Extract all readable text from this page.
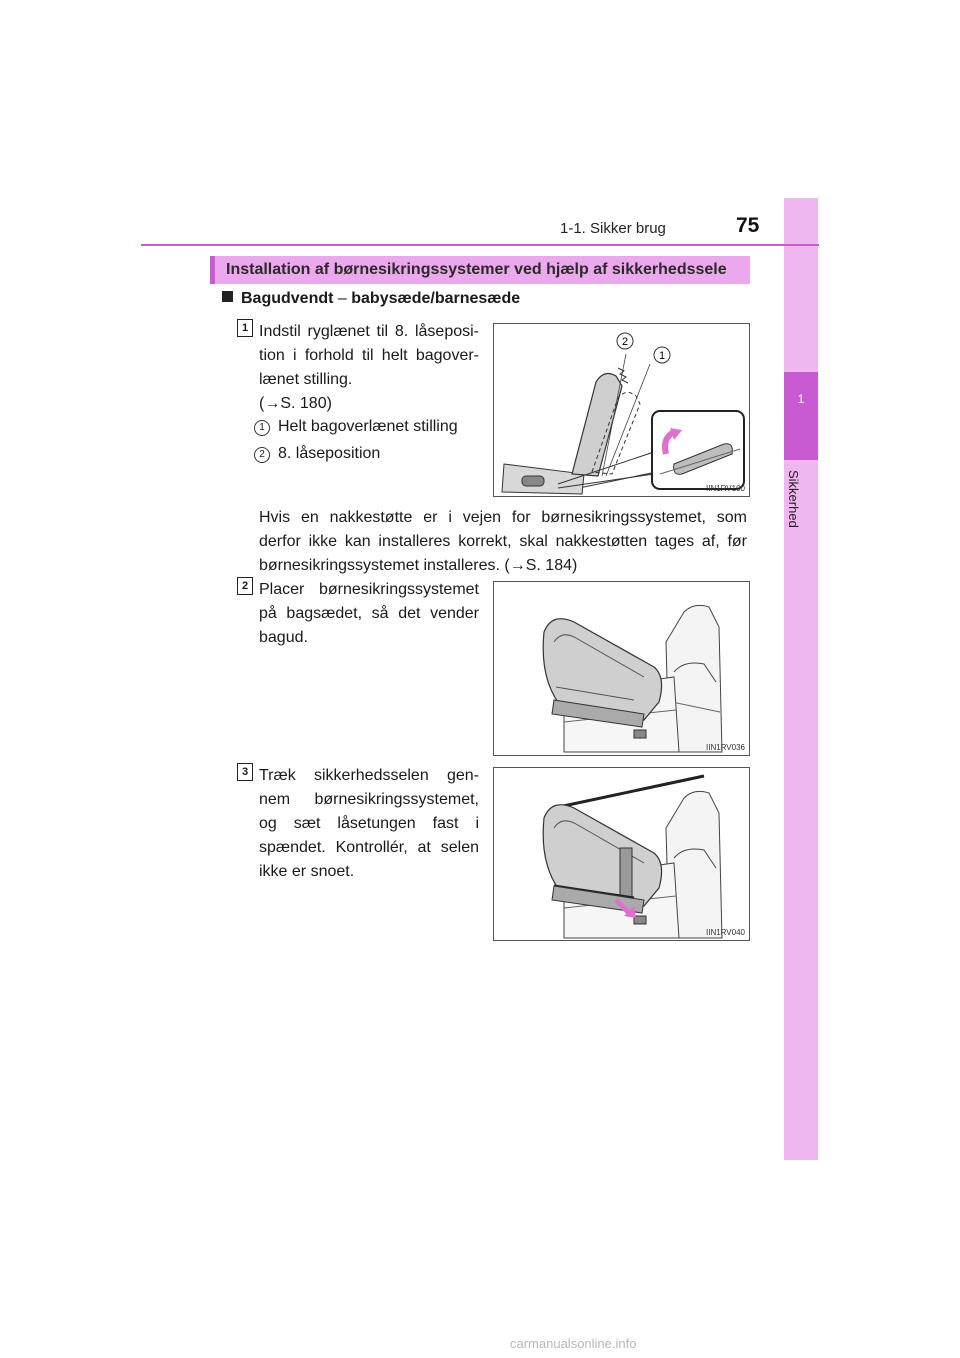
1
Sikkerhed
1-1. Sikker brug	75
Installation af børnesikringssystemer ved hjælp af sikkerhedssele
Bagudvendt – babysæde/barnesæde
1 Indstil ryglænet til 8. låseposi-
tion i forhold til helt bagover-
lænet stilling.
(→S. 180)
1 Helt bagoverlænet stilling
2 8. låseposition
2
1
IIN1RV100
Hvis en nakkestøtte er i vejen for børnesikringssystemet, som
derfor ikke kan installeres korrekt, skal nakkestøtten tages af, før
børnesikringssystemet installeres. (→S. 184)
2 Placer børnesikringssystemet
på bagsædet, så det vender
bagud.
IIN1RV036
3 Træk sikkerhedsselen gen-
nem børnesikringssystemet,
og sæt låsetungen fast i
spændet. Kontrollér, at selen
ikke er snoet.
IIN1RV040
carmanualsonline.info
